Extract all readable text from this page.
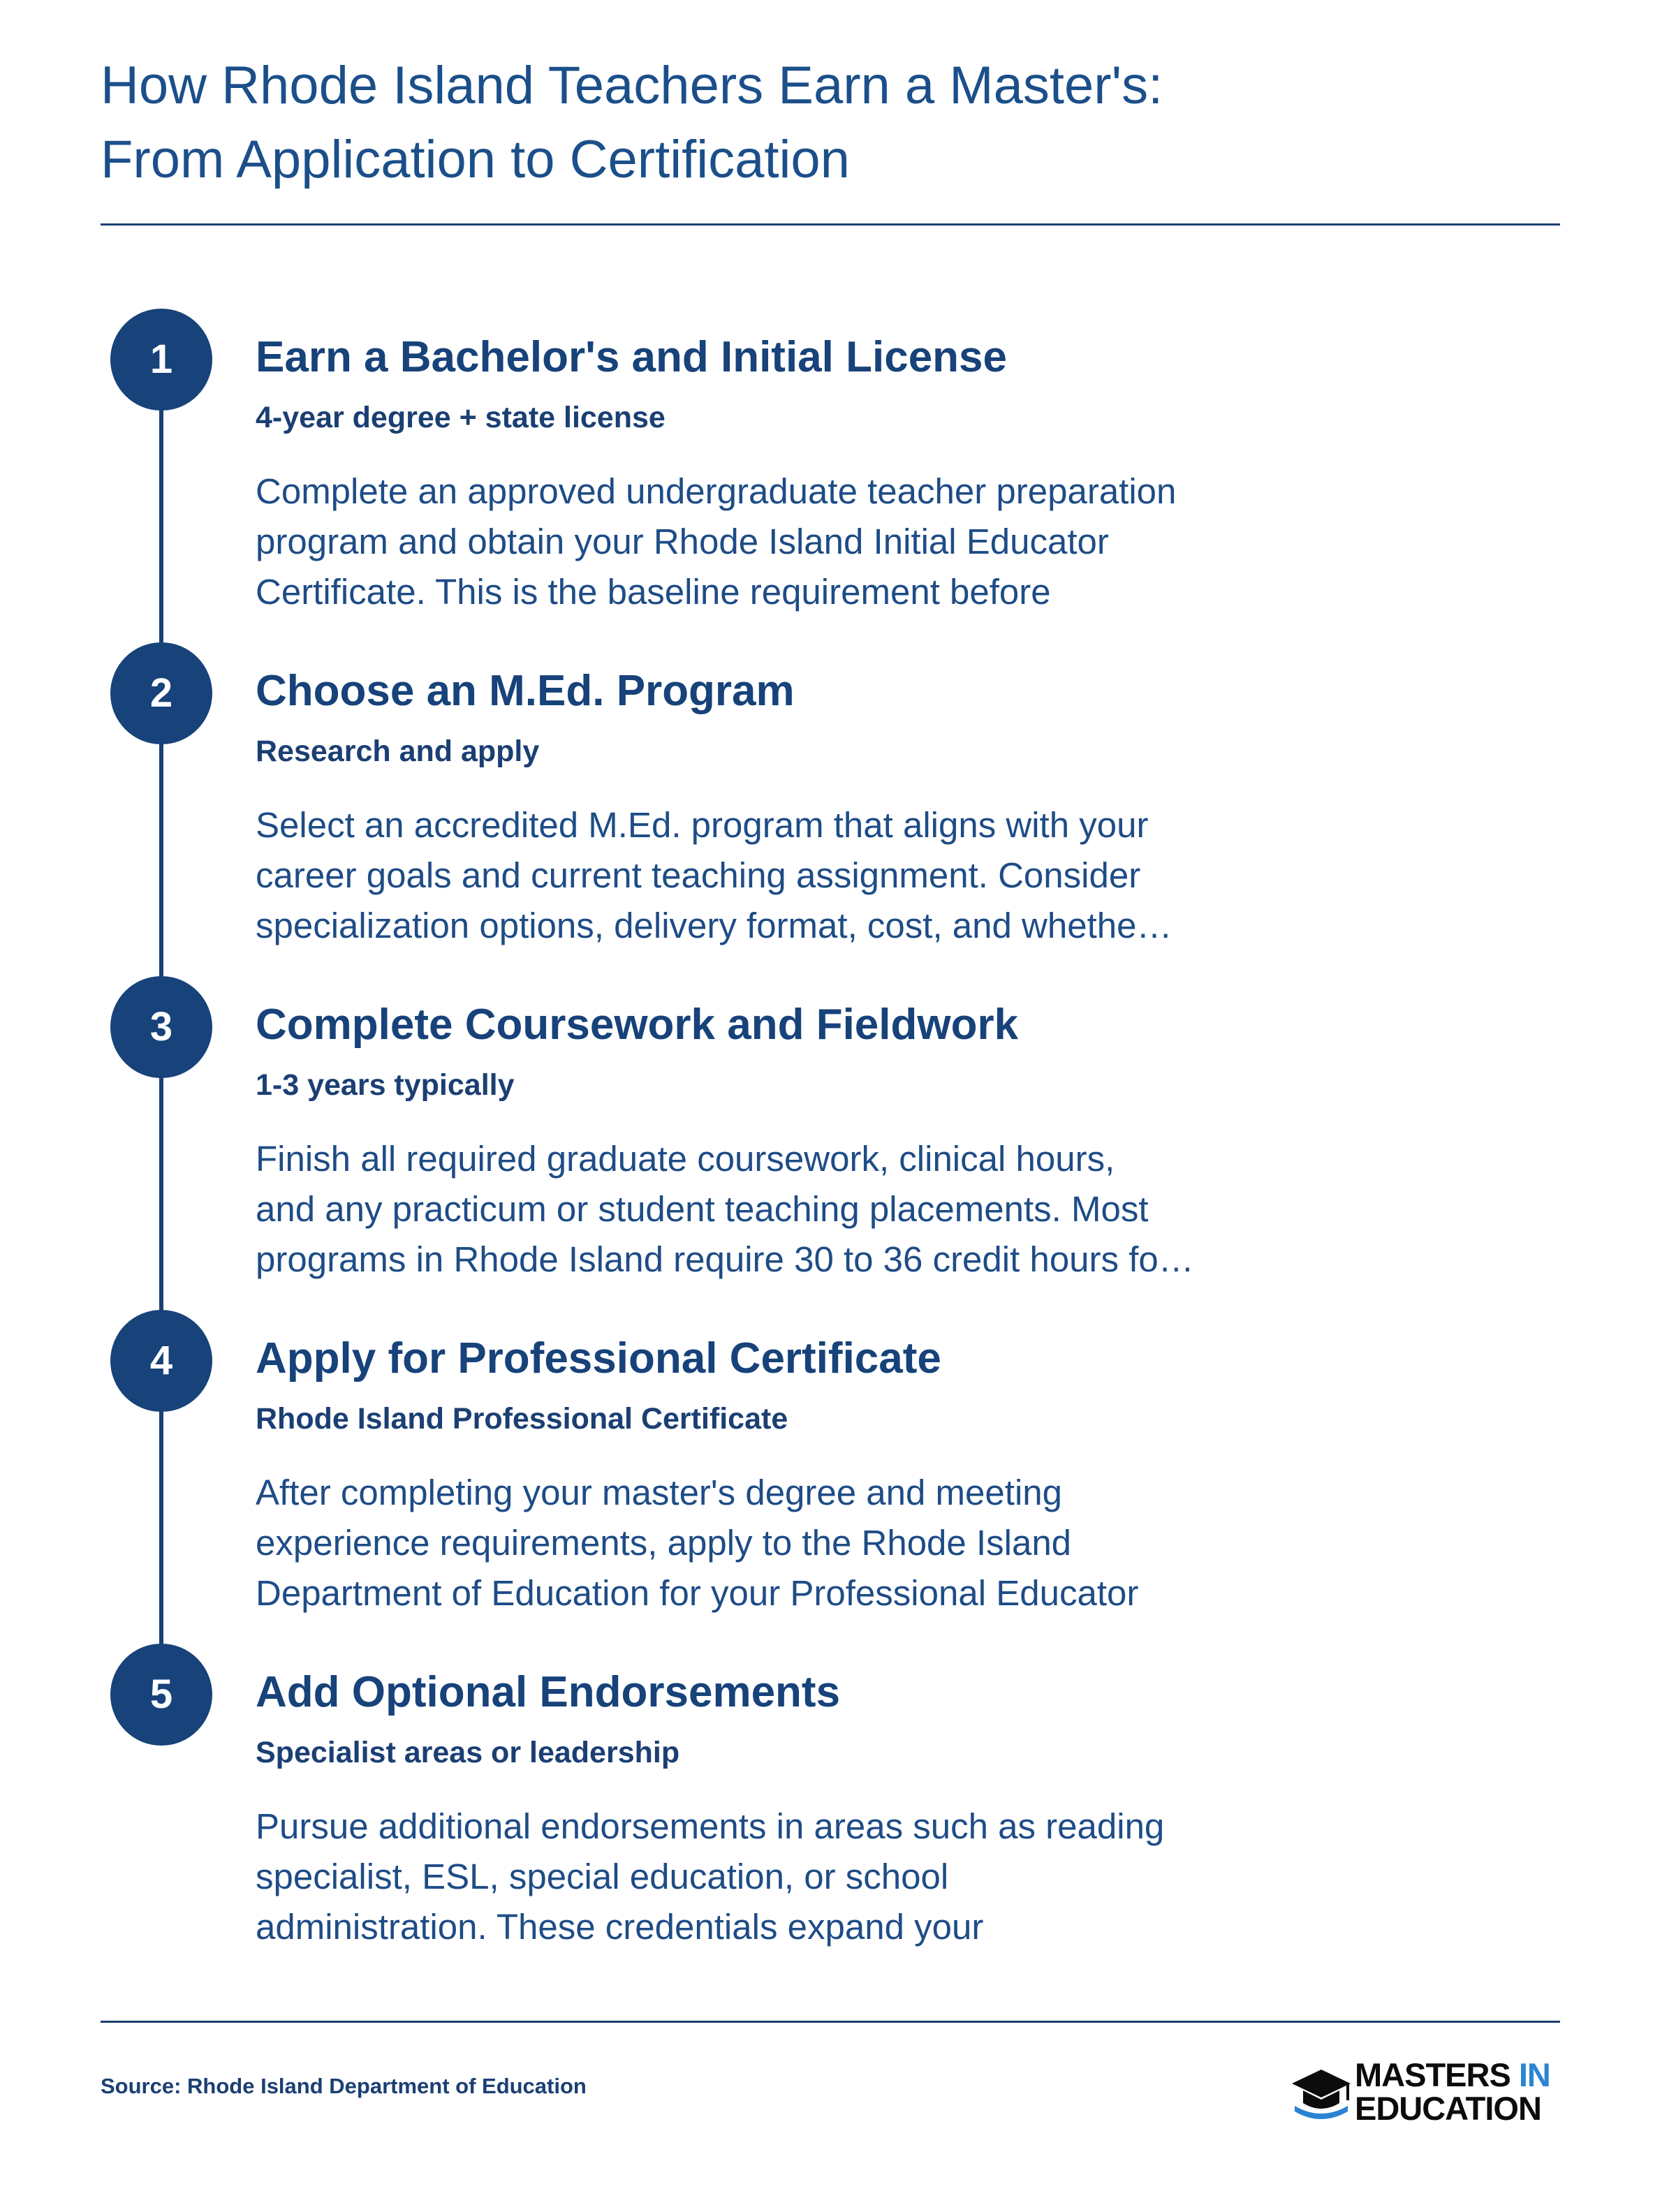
How Rhode Island Teachers Earn a Master's:
From Application to Certification
1	Earn a Bachelor's and Initial License
4-year degree + state license

Complete an approved undergraduate teacher preparation
program and obtain your Rhode Island Initial Educator
Certificate. This is the baseline requirement before

2	Choose an M.Ed. Program
Research and apply

Select an accredited M.Ed. program that aligns with your
career goals and current teaching assignment. Consider
specialization options, delivery format, cost, and whethe…

3	Complete Coursework and Fieldwork
1-3 years typically

Finish all required graduate coursework, clinical hours,
and any practicum or student teaching placements. Most
programs in Rhode Island require 30 to 36 credit hours fo…

4	Apply for Professional Certificate
Rhode Island Professional Certificate

After completing your master's degree and meeting
experience requirements, apply to the Rhode Island
Department of Education for your Professional Educator

5	Add Optional Endorsements
Specialist areas or leadership

Pursue additional endorsements in areas such as reading
specialist, ESL, special education, or school
administration. These credentials expand your

Source: Rhode Island Department of Education	MASTERS IN
EDUCATION
